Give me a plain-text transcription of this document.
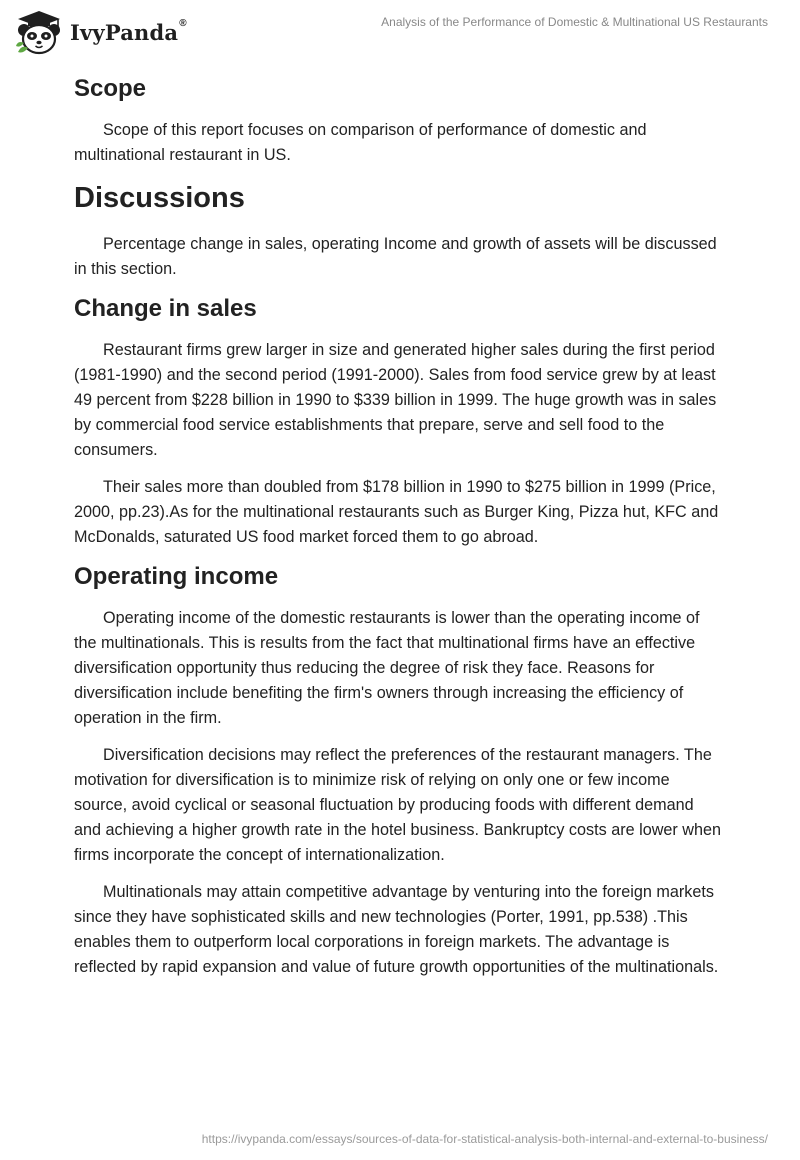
IvyPanda®	Analysis of the Performance of Domestic & Multinational US Restaurants
Scope

Scope of this report focuses on comparison of performance of domestic and multinational restaurant in US.

Discussions

Percentage change in sales, operating Income and growth of assets will be discussed in this section.

Change in sales

Restaurant firms grew larger in size and generated higher sales during the first period (1981-1990) and the second period (1991-2000). Sales from food service grew by at least 49 percent from $228 billion in 1990 to $339 billion in 1999. The huge growth was in sales by commercial food service establishments that prepare, serve and sell food to the consumers.

Their sales more than doubled from $178 billion in 1990 to $275 billion in 1999 (Price, 2000, pp.23).As for the multinational restaurants such as Burger King, Pizza hut, KFC and McDonalds, saturated US food market forced them to go abroad.

Operating income

Operating income of the domestic restaurants is lower than the operating income of the multinationals. This is results from the fact that multinational firms have an effective diversification opportunity thus reducing the degree of risk they face. Reasons for diversification include benefiting the firm's owners through increasing the efficiency of operation in the firm.

Diversification decisions may reflect the preferences of the restaurant managers. The motivation for diversification is to minimize risk of relying on only one or few income source, avoid cyclical or seasonal fluctuation by producing foods with different demand and achieving a higher growth rate in the hotel business. Bankruptcy costs are lower when firms incorporate the concept of internationalization.

Multinationals may attain competitive advantage by venturing into the foreign markets since they have sophisticated skills and new technologies (Porter, 1991, pp.538) .This enables them to outperform local corporations in foreign markets. The advantage is reflected by rapid expansion and value of future growth opportunities of the multinationals.

https://ivypanda.com/essays/sources-of-data-for-statistical-analysis-both-internal-and-external-to-business/
